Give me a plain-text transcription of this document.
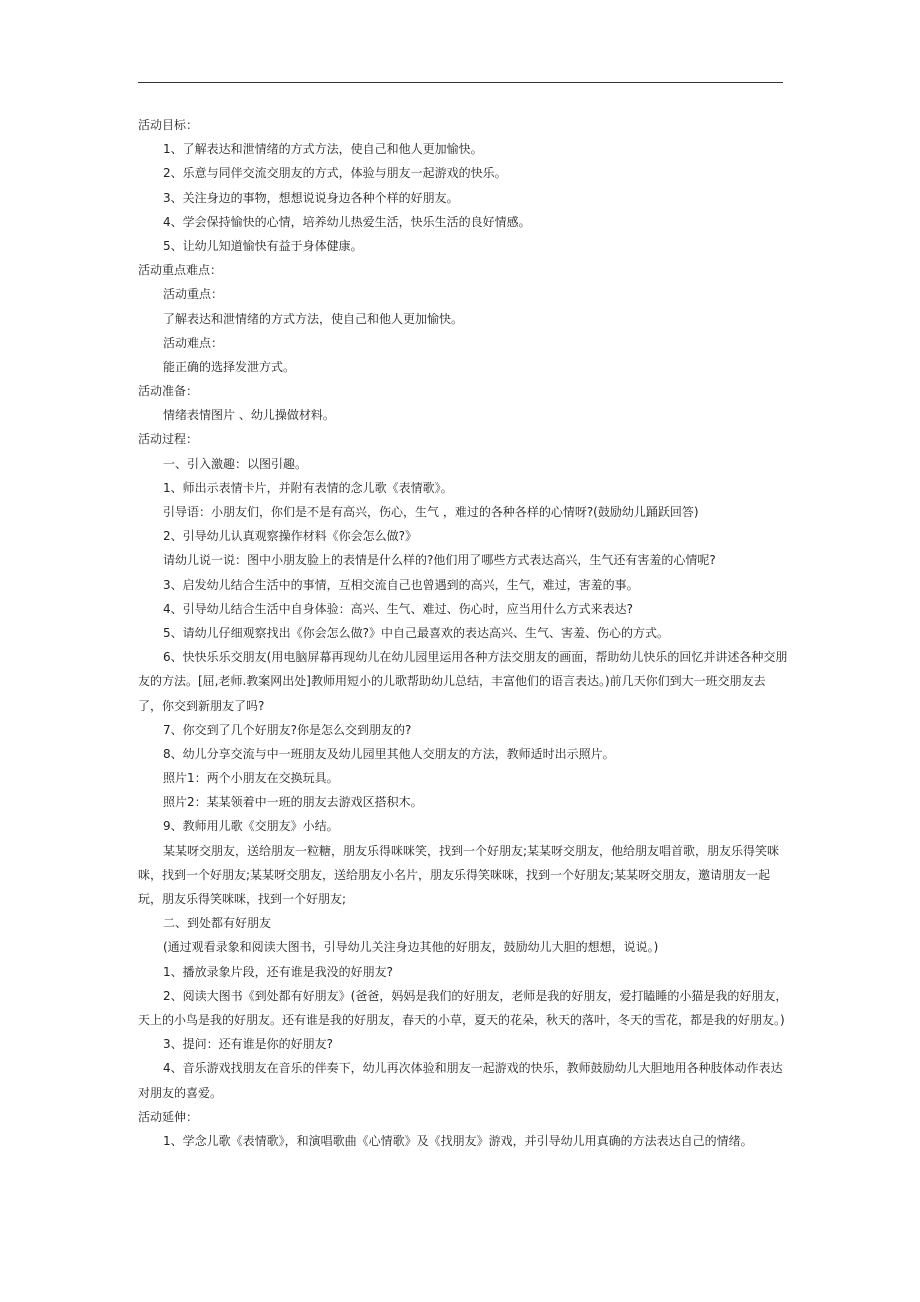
活动目标：
1、了解表达和泄情绪的方式方法，使自己和他人更加愉快。
2、乐意与同伴交流交朋友的方式，体验与朋友一起游戏的快乐。
3、关注身边的事物，想想说说身边各种个样的好朋友。
4、学会保持愉快的心情，培养幼儿热爱生活，快乐生活的良好情感。
5、让幼儿知道愉快有益于身体健康。
活动重点难点：
活动重点：
了解表达和泄情绪的方式方法，使自己和他人更加愉快。
活动难点：
能正确的选择发泄方式。
活动准备：
情绪表情图片 、幼儿操做材料。
活动过程：
一、引入激趣：以图引趣。
1、师出示表情卡片，并附有表情的念儿歌《表情歌》。
引导语：小朋友们，你们是不是有高兴，伤心，生气 ，难过的各种各样的心情呀?(鼓励幼儿踊跃回答)
2、引导幼儿认真观察操作材料《你会怎么做?》
请幼儿说一说：图中小朋友脸上的表情是什么样的?他们用了哪些方式表达高兴，生气还有害羞的心情呢?
3、启发幼儿结合生活中的事情，互相交流自己也曾遇到的高兴，生气，难过，害羞的事。
4、引导幼儿结合生活中自身体验：高兴、生气、难过、伤心时，应当用什么方式来表达?
5、请幼儿仔细观察找出《你会怎么做?》中自己最喜欢的表达高兴、生气、害羞、伤心的方式。
6、快快乐乐交朋友(用电脑屏幕再现幼儿在幼儿园里运用各种方法交朋友的画面，帮助幼儿快乐的回忆并讲述各种交朋友的方法。[屈,老师.教案网出处]教师用短小的儿歌帮助幼儿总结，丰富他们的语言表达。)前几天你们到大一班交朋友去了，你交到新朋友了吗?
7、你交到了几个好朋友?你是怎么交到朋友的?
8、幼儿分享交流与中一班朋友及幼儿园里其他人交朋友的方法，教师适时出示照片。
照片1：两个小朋友在交换玩具。
照片2：某某领着中一班的朋友去游戏区搭积木。
9、教师用儿歌《交朋友》小结。
某某呀交朋友，送给朋友一粒糖，朋友乐得咪咪笑，找到一个好朋友;某某呀交朋友，他给朋友唱首歌，朋友乐得笑咪咪，找到一个好朋友;某某呀交朋友，送给朋友小名片，朋友乐得笑咪咪，找到一个好朋友;某某呀交朋友，邀请朋友一起玩，朋友乐得笑咪咪，找到一个好朋友;
二、到处都有好朋友
(通过观看录象和阅读大图书，引导幼儿关注身边其他的好朋友，鼓励幼儿大胆的想想，说说。)
1、播放录象片段，还有谁是我没的好朋友?
2、阅读大图书《到处都有好朋友》(爸爸，妈妈是我们的好朋友，老师是我的好朋友，爱打瞌睡的小猫是我的好朋友，天上的小鸟是我的好朋友。还有谁是我的好朋友，春天的小草，夏天的花朵，秋天的落叶，冬天的雪花，都是我的好朋友。)
3、提问：还有谁是你的好朋友?
4、音乐游戏找朋友在音乐的伴奏下，幼儿再次体验和朋友一起游戏的快乐，教师鼓励幼儿大胆地用各种肢体动作表达对朋友的喜爱。
活动延伸：
1、学念儿歌《表情歌》，和演唱歌曲《心情歌》及《找朋友》游戏，并引导幼儿用真确的方法表达自己的情绪。
